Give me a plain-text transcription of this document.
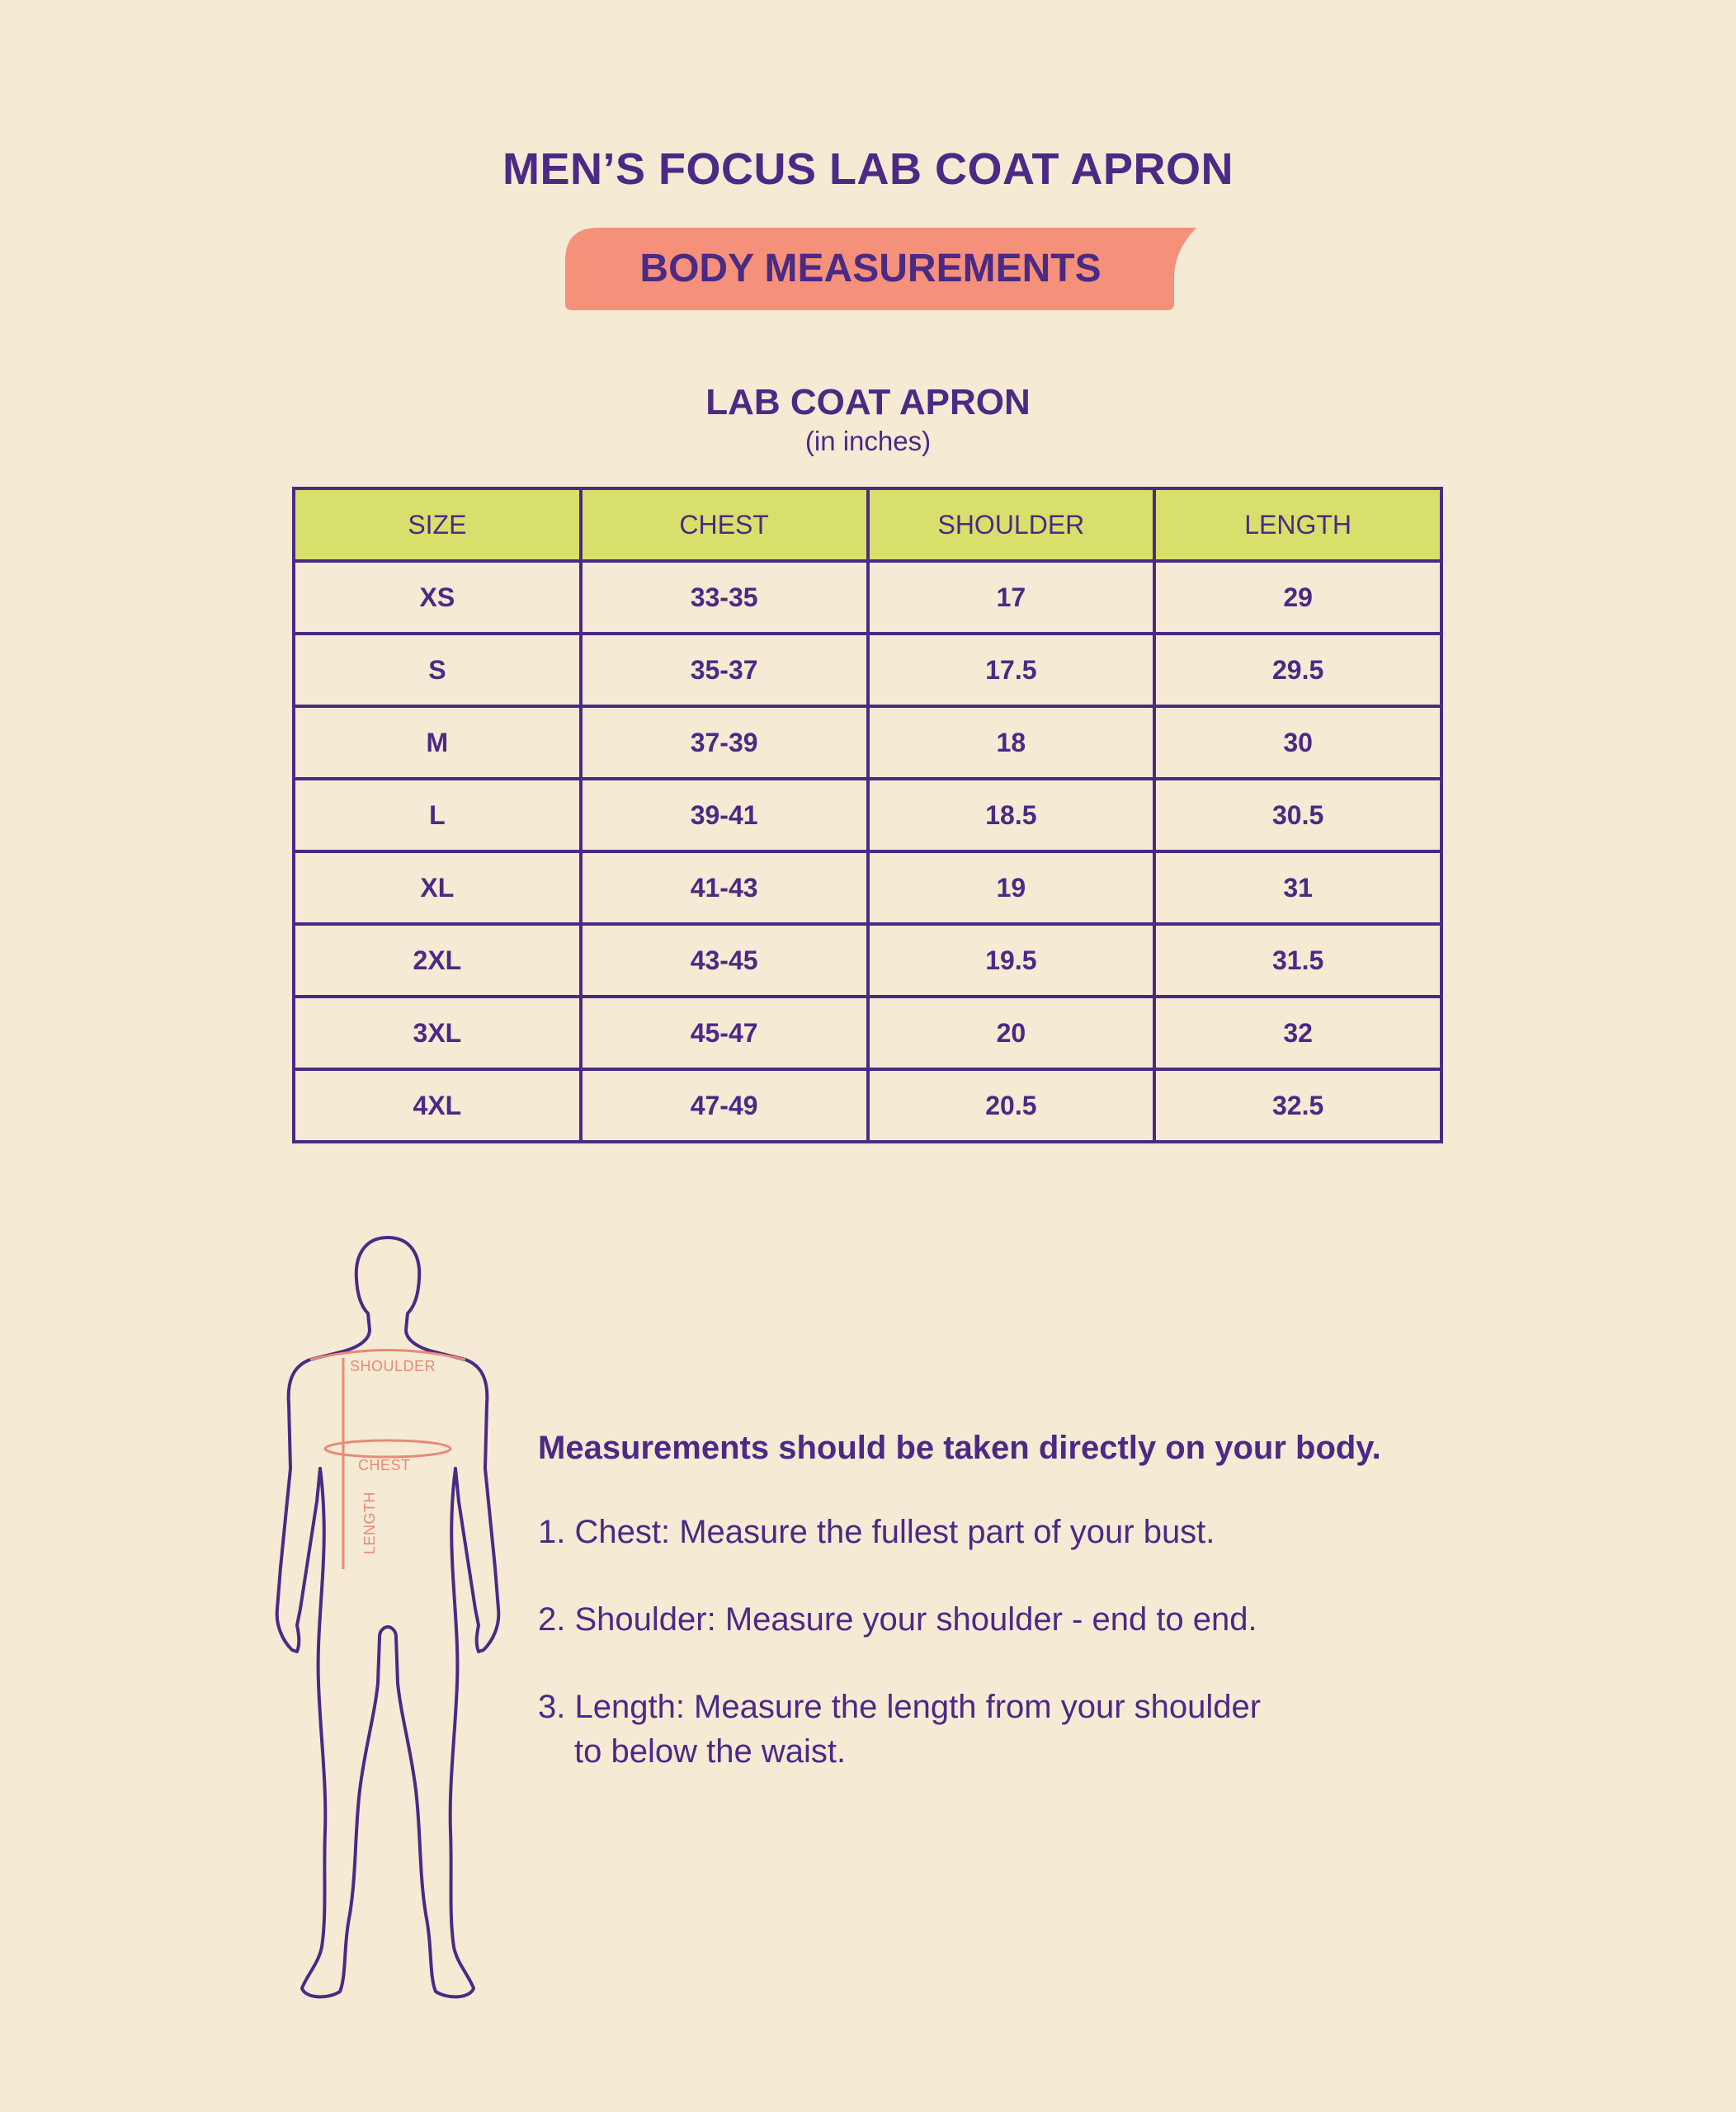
MEN’S FOCUS LAB COAT APRON
BODY MEASUREMENTS
LAB COAT APRON
(in inches)
SIZE	CHEST	SHOULDER	LENGTH
XS	33-35	17	29
S	35-37	17.5	29.5
M	37-39	18	30
L	39-41	18.5	30.5
XL	41-43	19	31
2XL	43-45	19.5	31.5
3XL	45-47	20	32
4XL	47-49	20.5	32.5
SHOULDER
CHEST
LENGTH

Measurements should be taken directly on your body.

1. Chest: Measure the fullest part of your bust.

2. Shoulder: Measure your shoulder - end to end.

3. Length: Measure the length from your shoulder
to below the waist.
